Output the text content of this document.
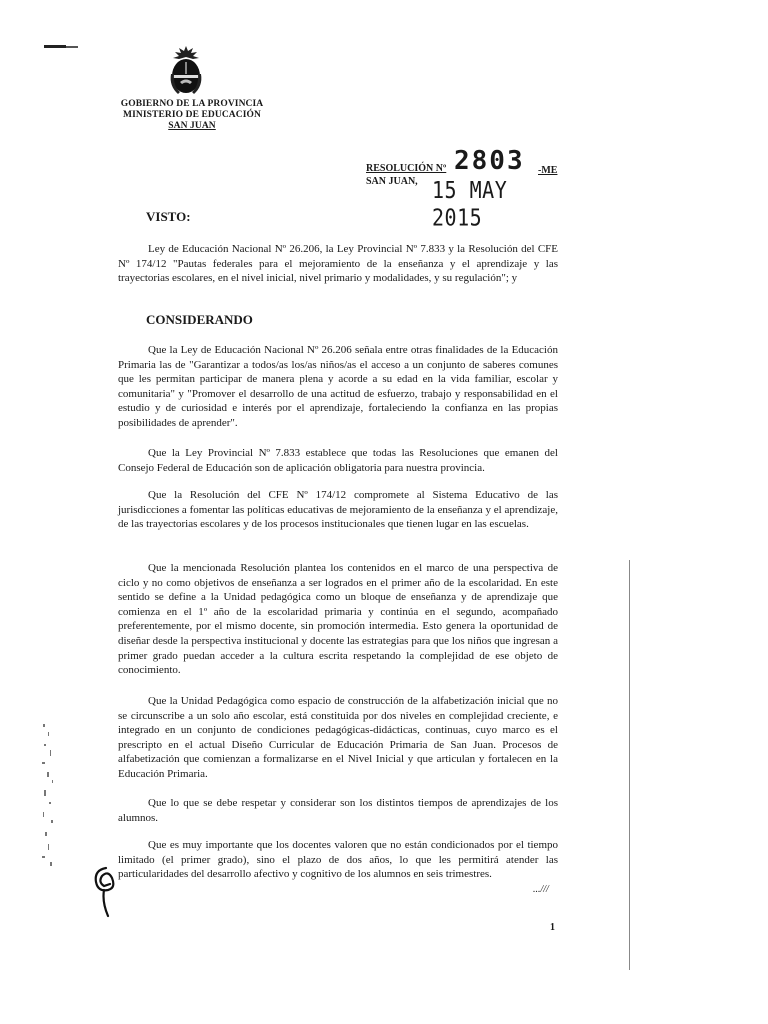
GOBIERNO DE LA PROVINCIA
MINISTERIO DE EDUCACIÓN
SAN JUAN
RESOLUCIÓN Nº 2803 -ME
SAN JUAN, 15 MAY 2015
VISTO:

Ley de Educación Nacional Nº 26.206, la Ley Provincial Nº 7.833 y la Resolución del CFE Nº 174/12 "Pautas federales para el mejoramiento de la enseñanza y el aprendizaje y las trayectorias escolares, en el nivel inicial, nivel primario y modalidades, y su regulación"; y

CONSIDERANDO

Que la Ley de Educación Nacional Nº 26.206 señala entre otras finalidades de la Educación Primaria las de "Garantizar a todos/as los/as niños/as el acceso a un conjunto de saberes comunes que les permitan participar de manera plena y acorde a su edad en la vida familiar, escolar y comunitaria" y "Promover el desarrollo de una actitud de esfuerzo, trabajo y responsabilidad en el estudio y de curiosidad e interés por el aprendizaje, fortaleciendo la confianza en las propias posibilidades de aprender".

Que la Ley Provincial Nº 7.833 establece que todas las Resoluciones que emanen del Consejo Federal de Educación son de aplicación obligatoria para nuestra provincia.

Que la Resolución del CFE Nº 174/12 compromete al Sistema Educativo de las jurisdicciones a fomentar las políticas educativas de mejoramiento de la enseñanza y el aprendizaje, de las trayectorias escolares y de los procesos institucionales que tienen lugar en las escuelas.

Que la mencionada Resolución plantea los contenidos en el marco de una perspectiva de ciclo y no como objetivos de enseñanza a ser logrados en el primer año de la escolaridad. En este sentido se define a la Unidad pedagógica como un bloque de enseñanza y de aprendizaje que comienza en el 1º año de la escolaridad primaria y continúa en el segundo, acompañado preferentemente, por el mismo docente, sin promoción intermedia. Esto genera la oportunidad de diseñar desde la perspectiva institucional y docente las estrategias para que los niños que ingresan a primer grado puedan acceder a la cultura escrita respetando la complejidad de ese objeto de conocimiento.

Que la Unidad Pedagógica como espacio de construcción de la alfabetización inicial que no se circunscribe a un solo año escolar, está constituida por dos niveles en complejidad creciente, e integrado en un conjunto de condiciones pedagógicas-didácticas, continuas, cuyo marco es el prescripto en el actual Diseño Curricular de Educación Primaria de San Juan. Procesos de alfabetización que comienzan a formalizarse en el Nivel Inicial y que articulan y fortalecen en la Educación Primaria.

Que lo que se debe respetar y considerar son los distintos tiempos de aprendizajes de los alumnos.

Que es muy importante que los docentes valoren que no están condicionados por el tiempo limitado (el primer grado), sino el plazo de dos años, lo que les permitirá atender las particularidades del desarrollo afectivo y cognitivo de los alumnos en seis trimestres.

...///
1
